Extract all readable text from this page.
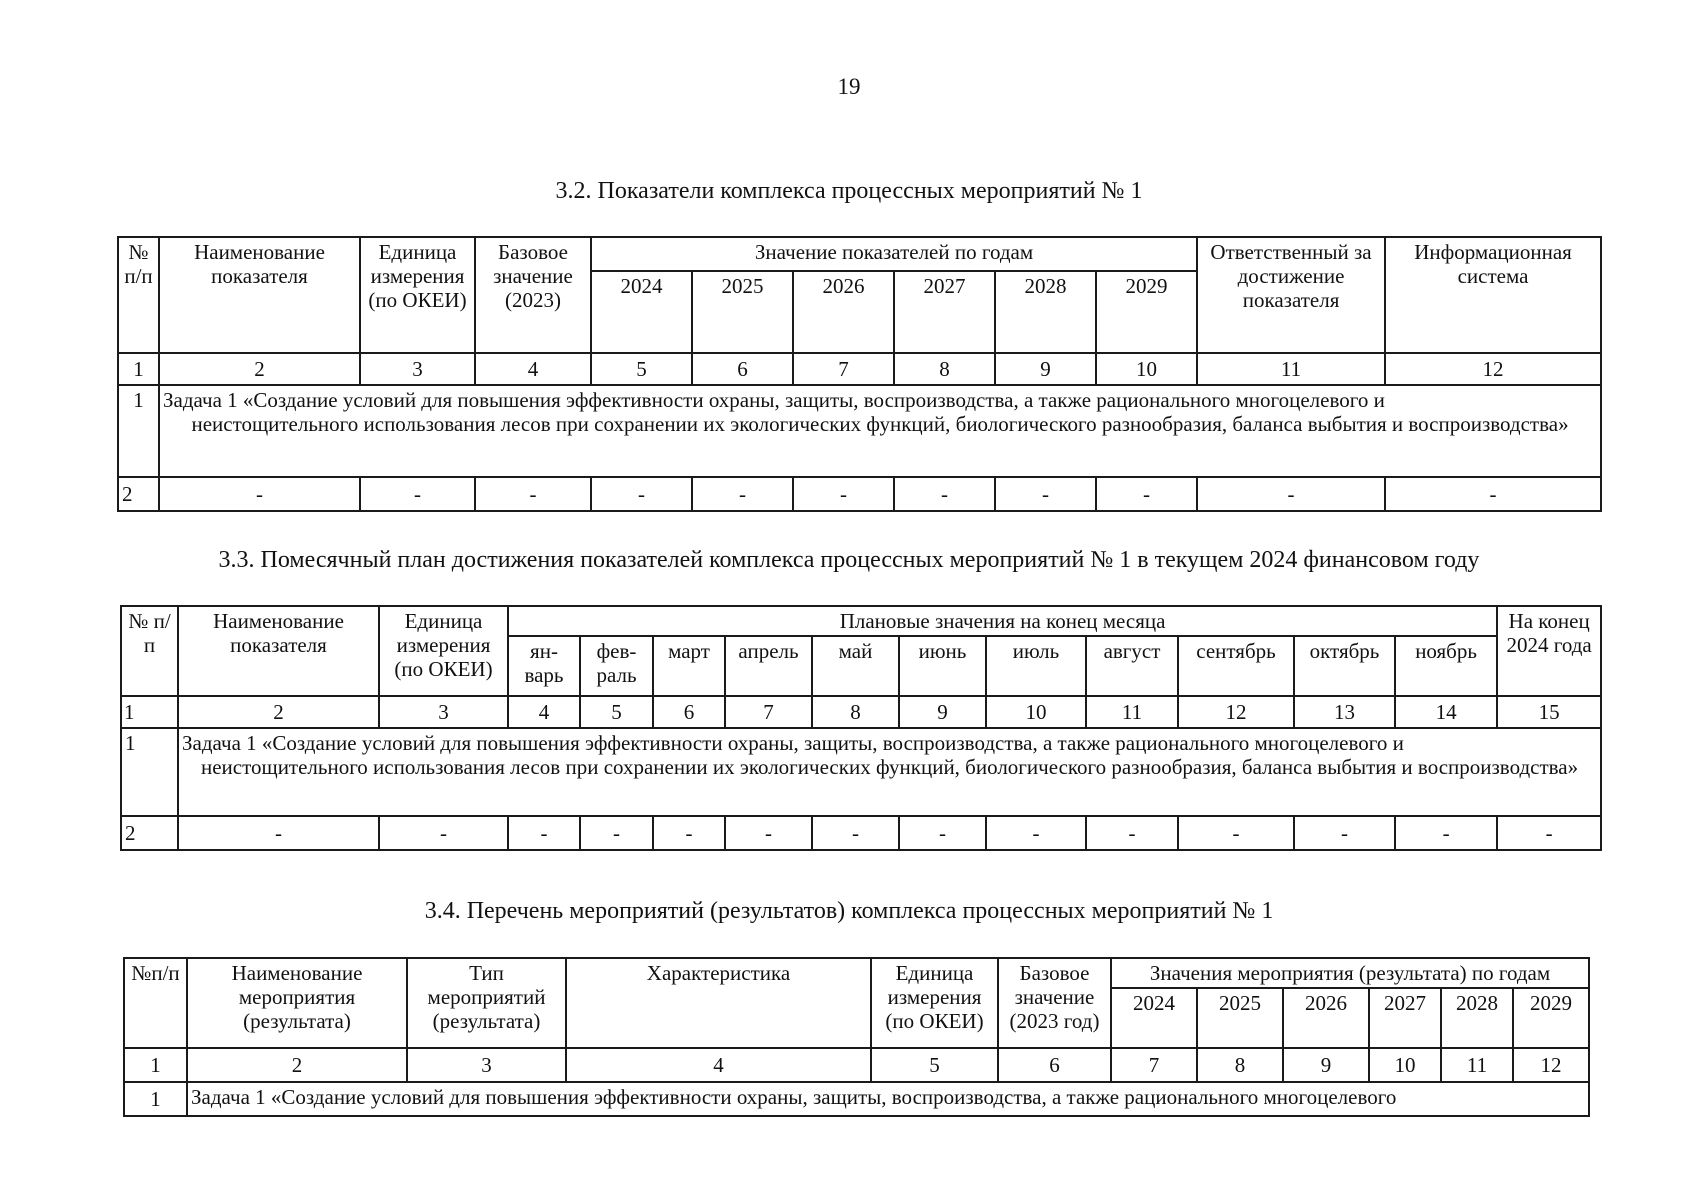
19
3.2. Показатели комплекса процессных мероприятий № 1
№ п/п	Наименование показателя	Единица измерения (по ОКЕИ)	Базовое значение (2023)	Значение показателей по годам						Ответственный за достижение показателя	Информационная система
				2024	2025	2026	2027	2028	2029		
1	2	3	4	5	6	7	8	9	10	11	12
1	Задача 1 «Создание условий для повышения эффективности охраны, защиты, воспроизводства, а также рационального многоцелевого и
неистощительного использования лесов при сохранении их экологических функций, биологического разнообразия, баланса выбытия и воспроизводства»										
2	-	-	-	-	-	-	-	-	-	-	-
3.3. Помесячный план достижения показателей комплекса процессных мероприятий № 1 в текущем 2024 финансовом году
№ п/п	Наименование показателя	Единица измерения (по ОКЕИ)	Плановые значения на конец месяца											На конец 2024 года
			ян- варь	фев- раль	март	апрель	май	июнь	июль	август	сентябрь	октябрь	ноябрь	
1	2	3	4	5	6	7	8	9	10	11	12	13	14	15
1	Задача 1 «Создание условий для повышения эффективности охраны, защиты, воспроизводства, а также рационального многоцелевого и
неистощительного использования лесов при сохранении их экологических функций, биологического разнообразия, баланса выбытия и воспроизводства»													
2	-	-	-	-	-	-	-	-	-	-	-	-	-	-
3.4. Перечень мероприятий (результатов) комплекса процессных мероприятий № 1
№п/п	Наименование мероприятия (результата)	Тип мероприятий (результата)	Характеристика	Единица измерения (по ОКЕИ)	Базовое значение (2023 год)	Значения мероприятия (результата) по годам					
						2024	2025	2026	2027	2028	2029
1	2	3	4	5	6	7	8	9	10	11	12
1	Задача 1 «Создание условий для повышения эффективности охраны, защиты, воспроизводства, а также рационального многоцелевого										
